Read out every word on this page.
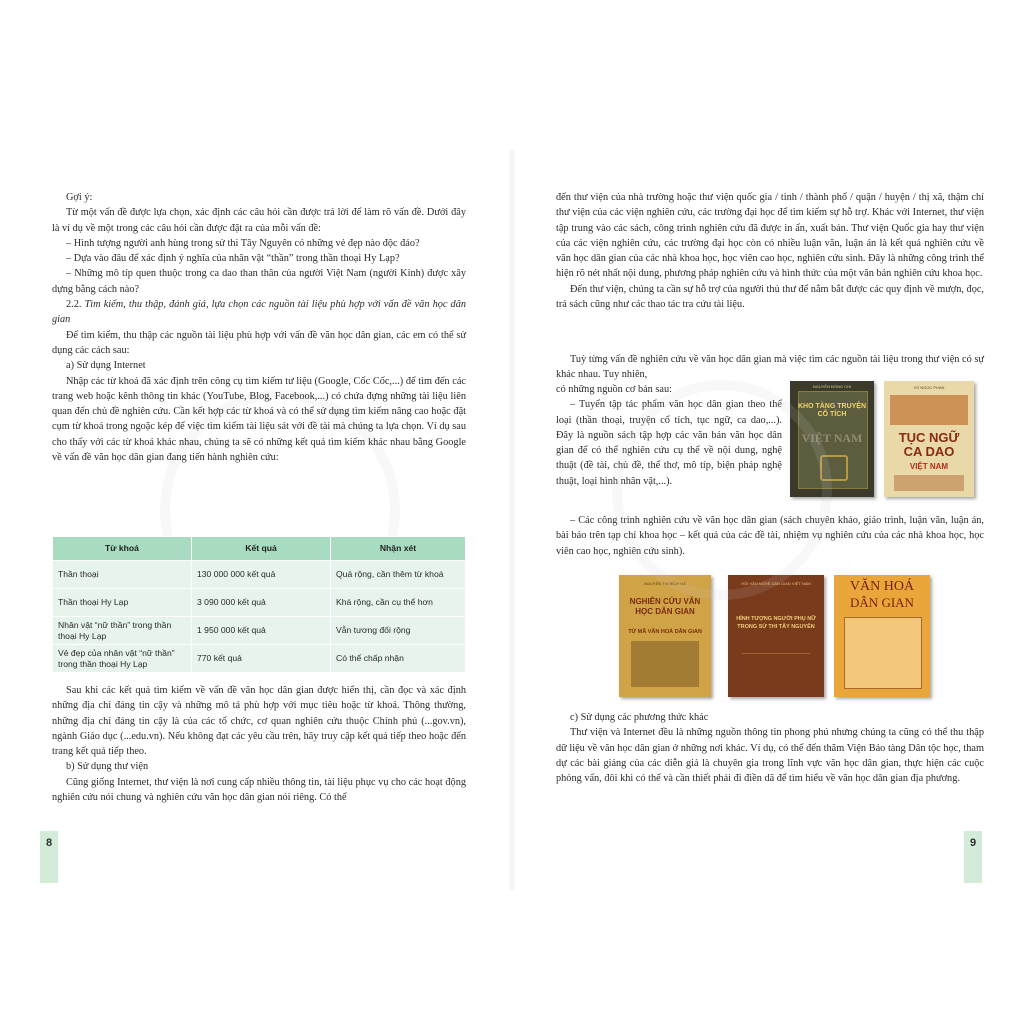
Gợi ý:

Từ một vấn đề được lựa chọn, xác định các câu hỏi cần được trả lời để làm rõ vấn đề. Dưới đây là ví dụ về một trong các câu hỏi cần được đặt ra của mỗi vấn đề:

– Hình tượng người anh hùng trong sử thi Tây Nguyên có những vẻ đẹp nào độc đáo?

– Dựa vào đâu để xác định ý nghĩa của nhân vật “thần” trong thần thoại Hy Lạp?

– Những mô típ quen thuộc trong ca dao than thân của người Việt Nam (người Kinh) được xây dựng bằng cách nào?

2.2. Tìm kiếm, thu thập, đánh giá, lựa chọn các nguồn tài liệu phù hợp với vấn đề văn học dân gian

Để tìm kiếm, thu thập các nguồn tài liệu phù hợp với vấn đề văn học dân gian, các em có thể sử dụng các cách sau:

a) Sử dụng Internet

Nhập các từ khoá đã xác định trên công cụ tìm kiếm tư liệu (Google, Cốc Cốc,...) để tìm đến các trang web hoặc kênh thông tin khác (YouTube, Blog, Facebook,...) có chứa đựng những tài liệu liên quan đến chủ đề nghiên cứu. Cần kết hợp các từ khoá và có thể sử dụng tìm kiếm nâng cao hoặc đặt cụm từ khoá trong ngoặc kép để việc tìm kiếm tài liệu sát với đề tài mà chúng ta lựa chọn. Ví dụ sau cho thấy với các từ khoá khác nhau, chúng ta sẽ có những kết quả tìm kiếm khác nhau bằng Google về vấn đề văn học dân gian đang tiến hành nghiên cứu:

Từ khoá	Kết quả	Nhận xét
Thần thoại	130 000 000 kết quả	Quá rộng, cần thêm từ khoá
Thần thoại Hy Lạp	3 090 000 kết quả	Khá rộng, cần cụ thể hơn
Nhân vật “nữ thần” trong thần thoại Hy Lạp	1 950 000 kết quả	Vẫn tương đối rộng
Vẻ đẹp của nhân vật “nữ thần” trong thần thoại Hy Lạp	770 kết quả	Có thể chấp nhận

Sau khi các kết quả tìm kiếm về vấn đề văn học dân gian được hiển thị, cần đọc và xác định những địa chỉ đáng tin cậy và những mô tả phù hợp với mục tiêu hoặc từ khoá. Thông thường, những địa chỉ đáng tin cậy là của các tổ chức, cơ quan nghiên cứu thuộc Chính phủ (...gov.vn), ngành Giáo dục (...edu.vn). Nếu không đạt các yêu cầu trên, hãy truy cập kết quả tiếp theo hoặc đến trang kết quả tiếp theo.

b) Sử dụng thư viện

Cũng giống Internet, thư viện là nơi cung cấp nhiều thông tin, tài liệu phục vụ cho các hoạt động nghiên cứu nói chung và nghiên cứu văn học dân gian nói riêng. Có thể

8

đến thư viện của nhà trường hoặc thư viện quốc gia / tỉnh / thành phố / quận / huyện / thị xã, thậm chí thư viện của các viện nghiên cứu, các trường đại học để tìm kiếm sự hỗ trợ. Khác với Internet, thư viện tập trung vào các sách, công trình nghiên cứu đã được in ấn, xuất bản. Thư viện Quốc gia hay thư viện của các viện nghiên cứu, các trường đại học còn có nhiều luận văn, luận án là kết quả nghiên cứu về văn học dân gian của các nhà khoa học, học viên cao học, nghiên cứu sinh. Đây là những công trình thể hiện rõ nét nhất nội dung, phương pháp nghiên cứu và hình thức của một văn bản nghiên cứu khoa học.

Đến thư viện, chúng ta cần sự hỗ trợ của người thủ thư để nắm bắt được các quy định về mượn, đọc, trả sách cũng như các thao tác tra cứu tài liệu.

Tuỳ từng vấn đề nghiên cứu về văn học dân gian mà việc tìm các nguồn tài liệu trong thư viện có sự khác nhau. Tuy nhiên,

có những nguồn cơ bản sau:

– Tuyển tập tác phẩm văn học dân gian theo thể loại (thần thoại, truyện cổ tích, tục ngữ, ca dao,...). Đây là nguồn sách tập hợp các văn bản văn học dân gian để có thể nghiên cứu cụ thể về nội dung, nghệ thuật (đề tài, chủ đề, thể thơ, mô típ, biện pháp nghệ thuật, loại hình nhân vật,...).

– Các công trình nghiên cứu về văn học dân gian (sách chuyên khảo, giáo trình, luận văn, luận án, bài báo trên tạp chí khoa học – kết quả của các đề tài, nhiệm vụ nghiên cứu của các nhà khoa học, học viên cao học, nghiên cứu sinh).

NGUYỄN ĐỔNG CHI
KHO TÀNG TRUYỆN CỔ TÍCH
VIỆT NAM
VŨ NGỌC PHAN
TỤC NGỮ CA DAO
VIỆT NAM
NGUYỄN THỊ BÍCH HÀ
NGHIÊN CỨU VĂN HỌC DÂN GIAN
TỪ MÃ VĂN HOÁ DÂN GIAN
HỘI VĂN NGHỆ DÂN GIAN VIỆT NAM
HÌNH TƯỢNG NGƯỜI PHỤ NỮ TRONG SỬ THI TÂY NGUYÊN
VĂN HOÁ
DÂN GIAN

c) Sử dụng các phương thức khác

Thư viện và Internet đều là những nguồn thông tin phong phú nhưng chúng ta cũng có thể thu thập dữ liệu về văn học dân gian ở những nơi khác. Ví dụ, có thể đến thăm Viện Bảo tàng Dân tộc học, tham dự các bài giảng của các diễn giả là chuyên gia trong lĩnh vực văn học dân gian, thực hiện các cuộc phỏng vấn, đôi khi có thể và cần thiết phải đi điền dã để tìm hiểu về văn học dân gian địa phương.

9
